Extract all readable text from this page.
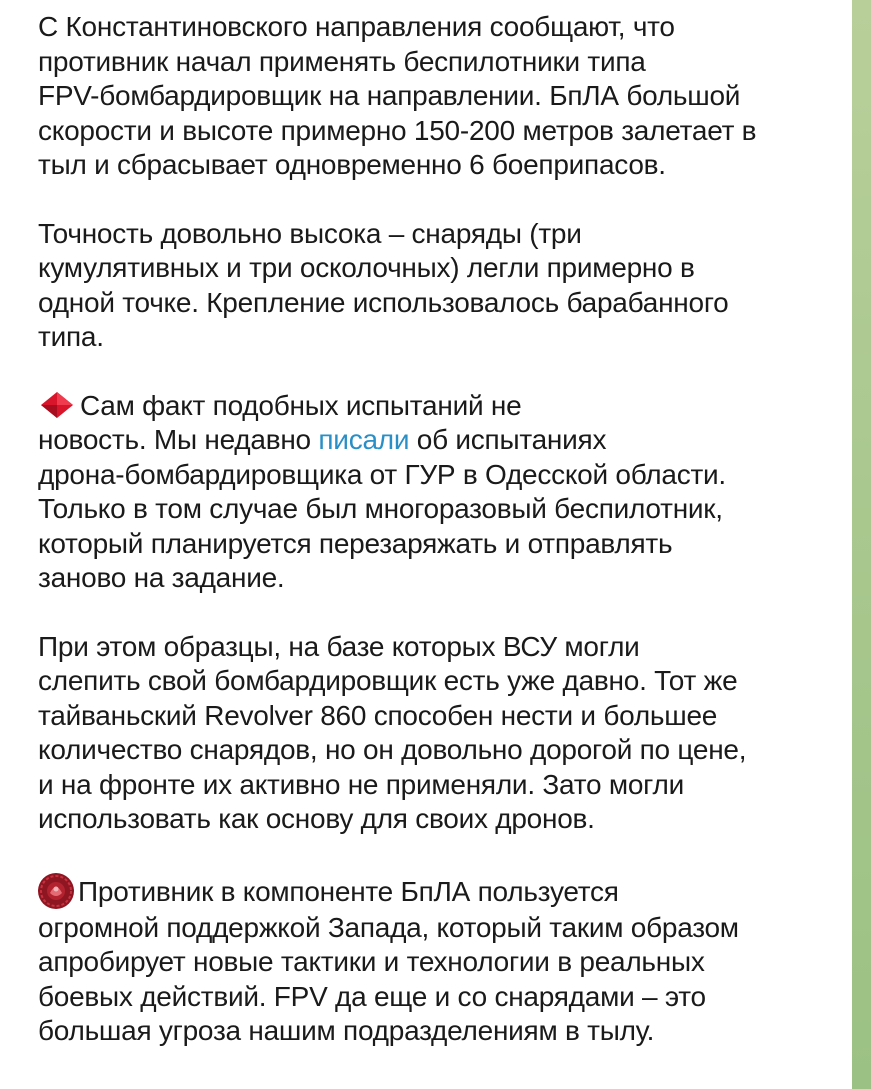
С Константиновского направления сообщают, что
противник начал применять беспилотники типа
FPV-бомбардировщик на направлении. БпЛА большой
скорости и высоте примерно 150-200 метров залетает в
тыл и сбрасывает одновременно 6 боеприпасов.
Точность довольно высока – снаряды (три
кумулятивных и три осколочных) легли примерно в
одной точке. Крепление использовалось барабанного
типа.
Сам факт подобных испытаний не
новость. Мы недавно писали об испытаниях
дрона-бомбардировщика от ГУР в Одесской области.
Только в том случае был многоразовый беспилотник,
который планируется перезаряжать и отправлять
заново на задание.
При этом образцы, на базе которых ВСУ могли
слепить свой бомбардировщик есть уже давно. Тот же
тайваньский Revolver 860 способен нести и большее
количество снарядов, но он довольно дорогой по цене,
и на фронте их активно не применяли. Зато могли
использовать как основу для своих дронов.
Противник в компоненте БпЛА пользуется
огромной поддержкой Запада, который таким образом
апробирует новые тактики и технологии в реальных
боевых действий. FPV да еще и со снарядами – это
большая угроза нашим подразделениям в тылу.
